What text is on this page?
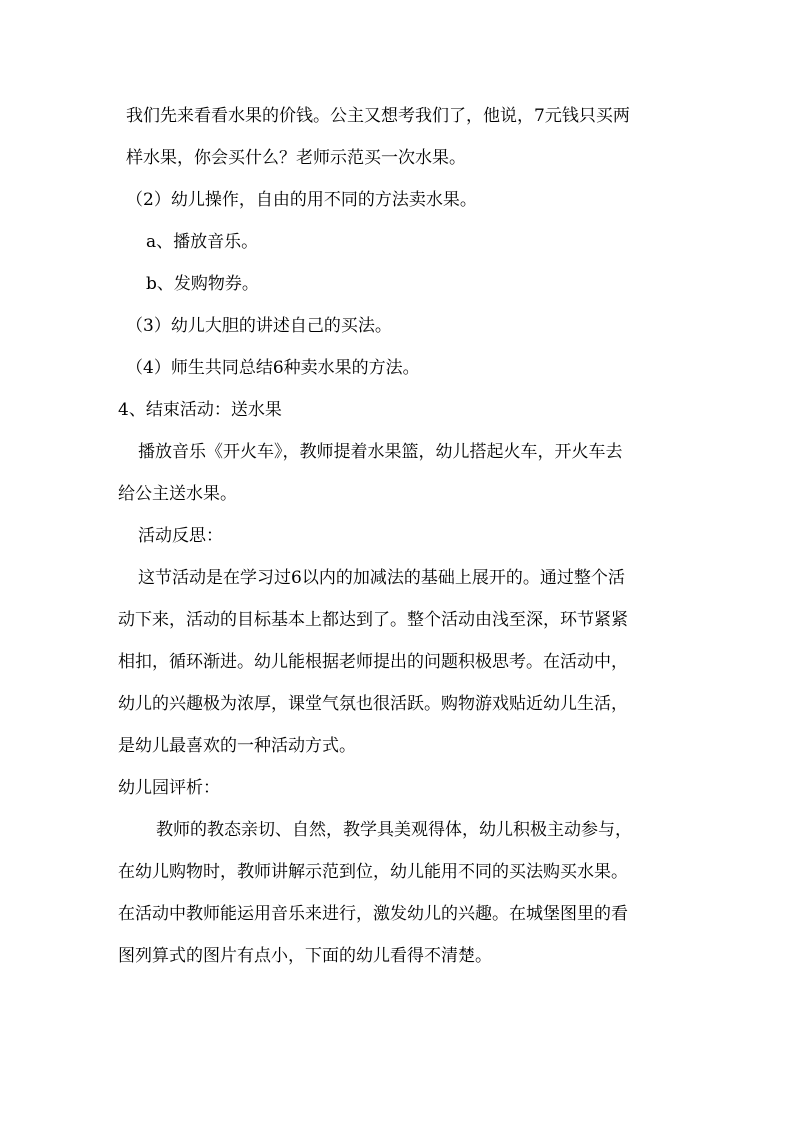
我们先来看看水果的价钱。公主又想考我们了，他说，7元钱只买两
样水果，你会买什么？老师示范买一次水果。
（2）幼儿操作，自由的用不同的方法卖水果。
a、播放音乐。
b、发购物券。
（3）幼儿大胆的讲述自己的买法。
（4）师生共同总结6种卖水果的方法。
4、结束活动：送水果
播放音乐《开火车》，教师提着水果篮，幼儿搭起火车，开火车去
给公主送水果。
活动反思：
这节活动是在学习过6以内的加减法的基础上展开的。通过整个活
动下来，活动的目标基本上都达到了。整个活动由浅至深，环节紧紧
相扣，循环渐进。幼儿能根据老师提出的问题积极思考。在活动中，
幼儿的兴趣极为浓厚，课堂气氛也很活跃。购物游戏贴近幼儿生活，
是幼儿最喜欢的一种活动方式。
幼儿园评析：
教师的教态亲切、自然，教学具美观得体，幼儿积极主动参与，
在幼儿购物时，教师讲解示范到位，幼儿能用不同的买法购买水果。
在活动中教师能运用音乐来进行，激发幼儿的兴趣。在城堡图里的看
图列算式的图片有点小，下面的幼儿看得不清楚。
